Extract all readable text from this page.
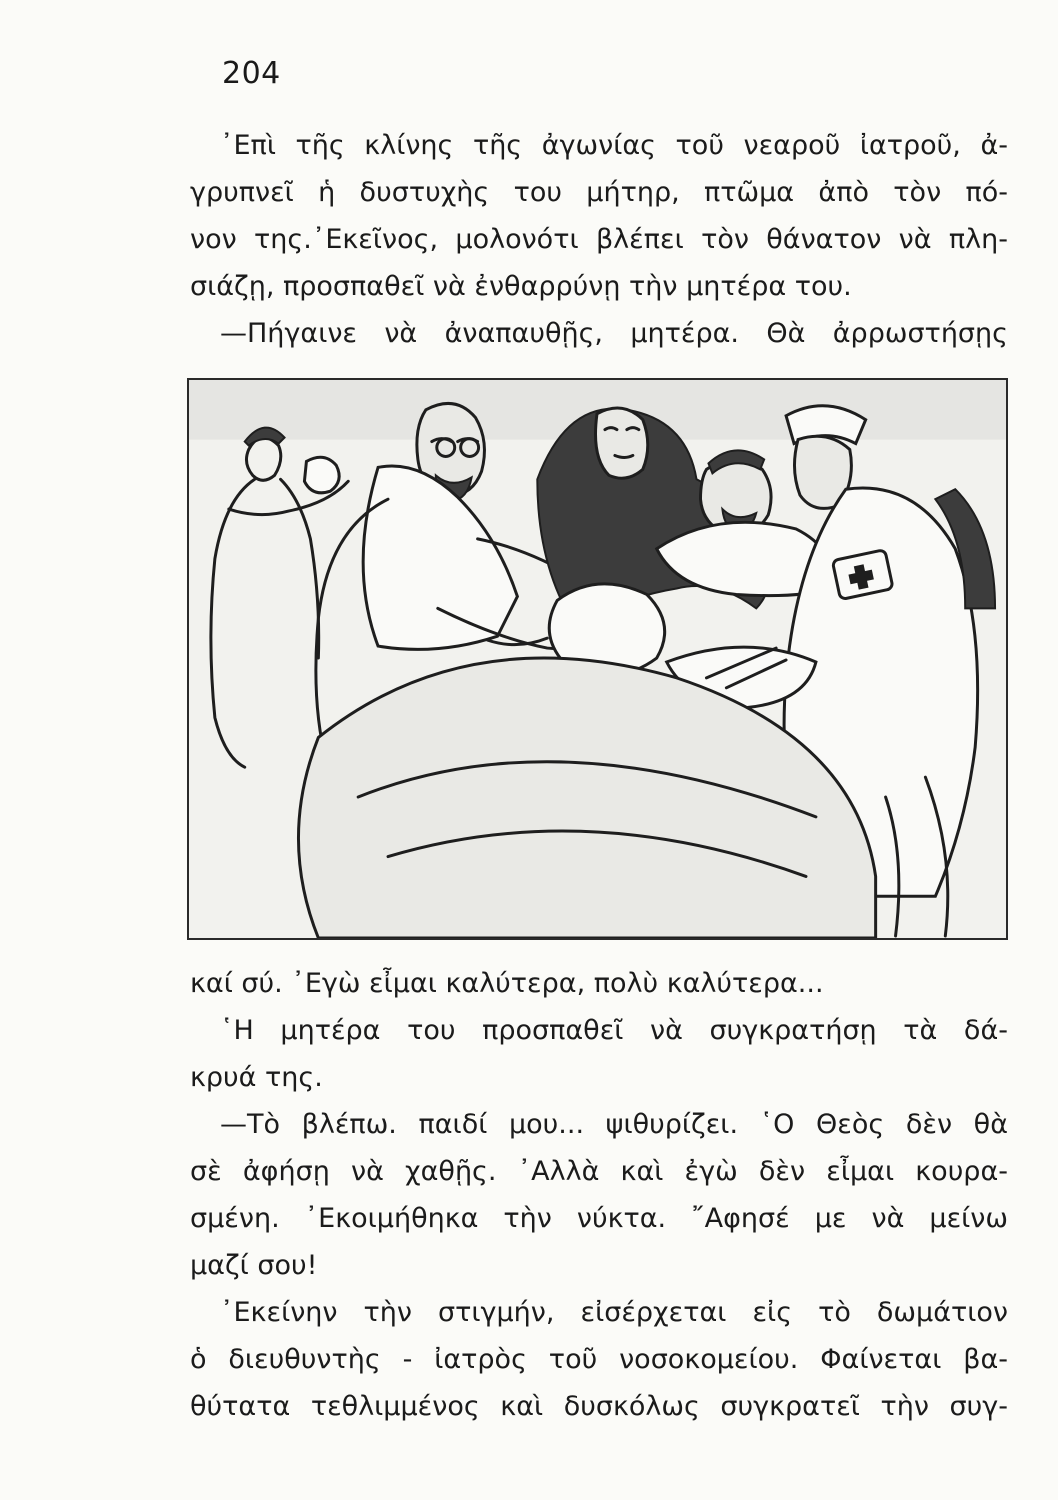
204
᾿Επὶ τῆς κλίνης τῆς ἀγωνίας τοῦ νεαροῦ ἰατροῦ, ἀ-
γρυπνεῖ ἡ δυστυχὴς του μήτηρ, πτῶμα ἀπὸ τὸν πό-
νον της.᾿Εκεῖνος, μολονότι βλέπει τὸν θάνατον νὰ πλη-
σιάζῃ, προσπαθεῖ νὰ ἐνθαρρύνῃ τὴν μητέρα του.
—Πήγαινε νὰ ἀναπαυθῇς, μητέρα. Θὰ ἀρρωστήσῃς
καί σύ. ᾿Εγὼ εἶμαι καλύτερα, πολὺ καλύτερα...
῾Η μητέρα του προσπαθεῖ νὰ συγκρατήσῃ τὰ δά-
κρυά της.
—Τὸ βλέπω. παιδί μου... ψιθυρίζει. ῾Ο Θεὸς δὲν θὰ
σὲ ἀφήσῃ νὰ χαθῇς. ᾿Αλλὰ καὶ ἐγὼ δὲν εἶμαι κουρα-
σμένη. ᾿Εκοιμήθηκα τὴν νύκτα. ῎Αφησέ με νὰ μείνω
μαζί σου!
᾿Εκείνην τὴν στιγμήν, εἰσέρχεται εἰς τὸ δωμάτιον
ὁ διευθυντὴς - ἰατρὸς τοῦ νοσοκομείου. Φαίνεται βα-
θύτατα τεθλιμμένος καὶ δυσκόλως συγκρατεῖ τὴν συγ-
